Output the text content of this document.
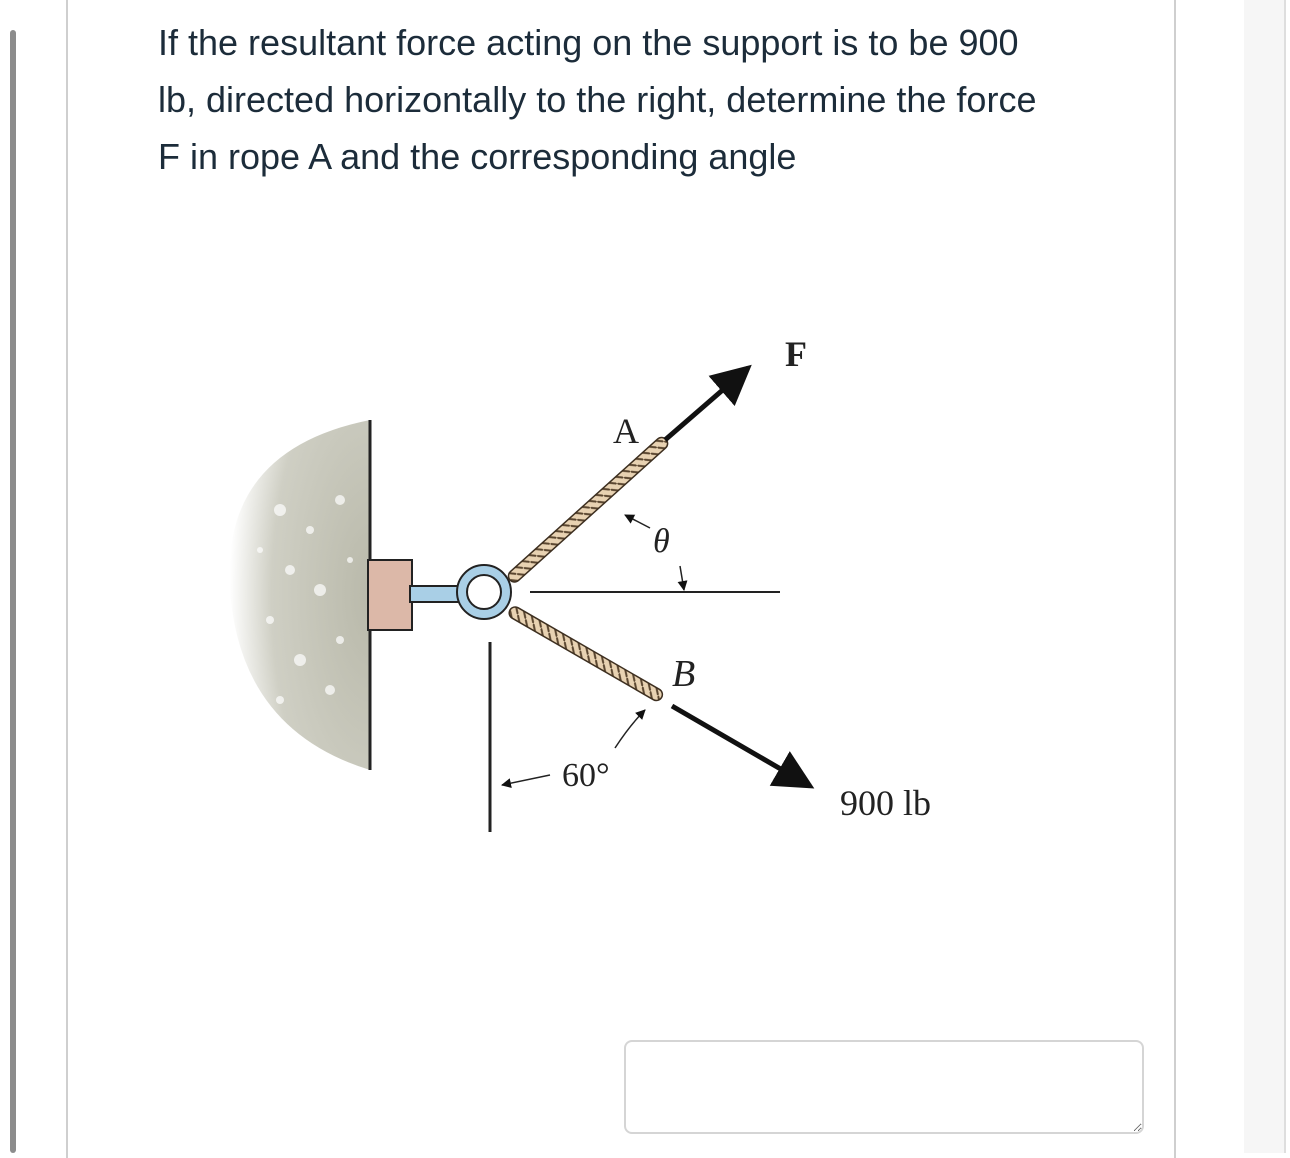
If the resultant force acting on the support is to be 900
lb, directed horizontally to the right, determine the force
F in rope A and the corresponding angle

F
A
θ
B
60°
900 lb
